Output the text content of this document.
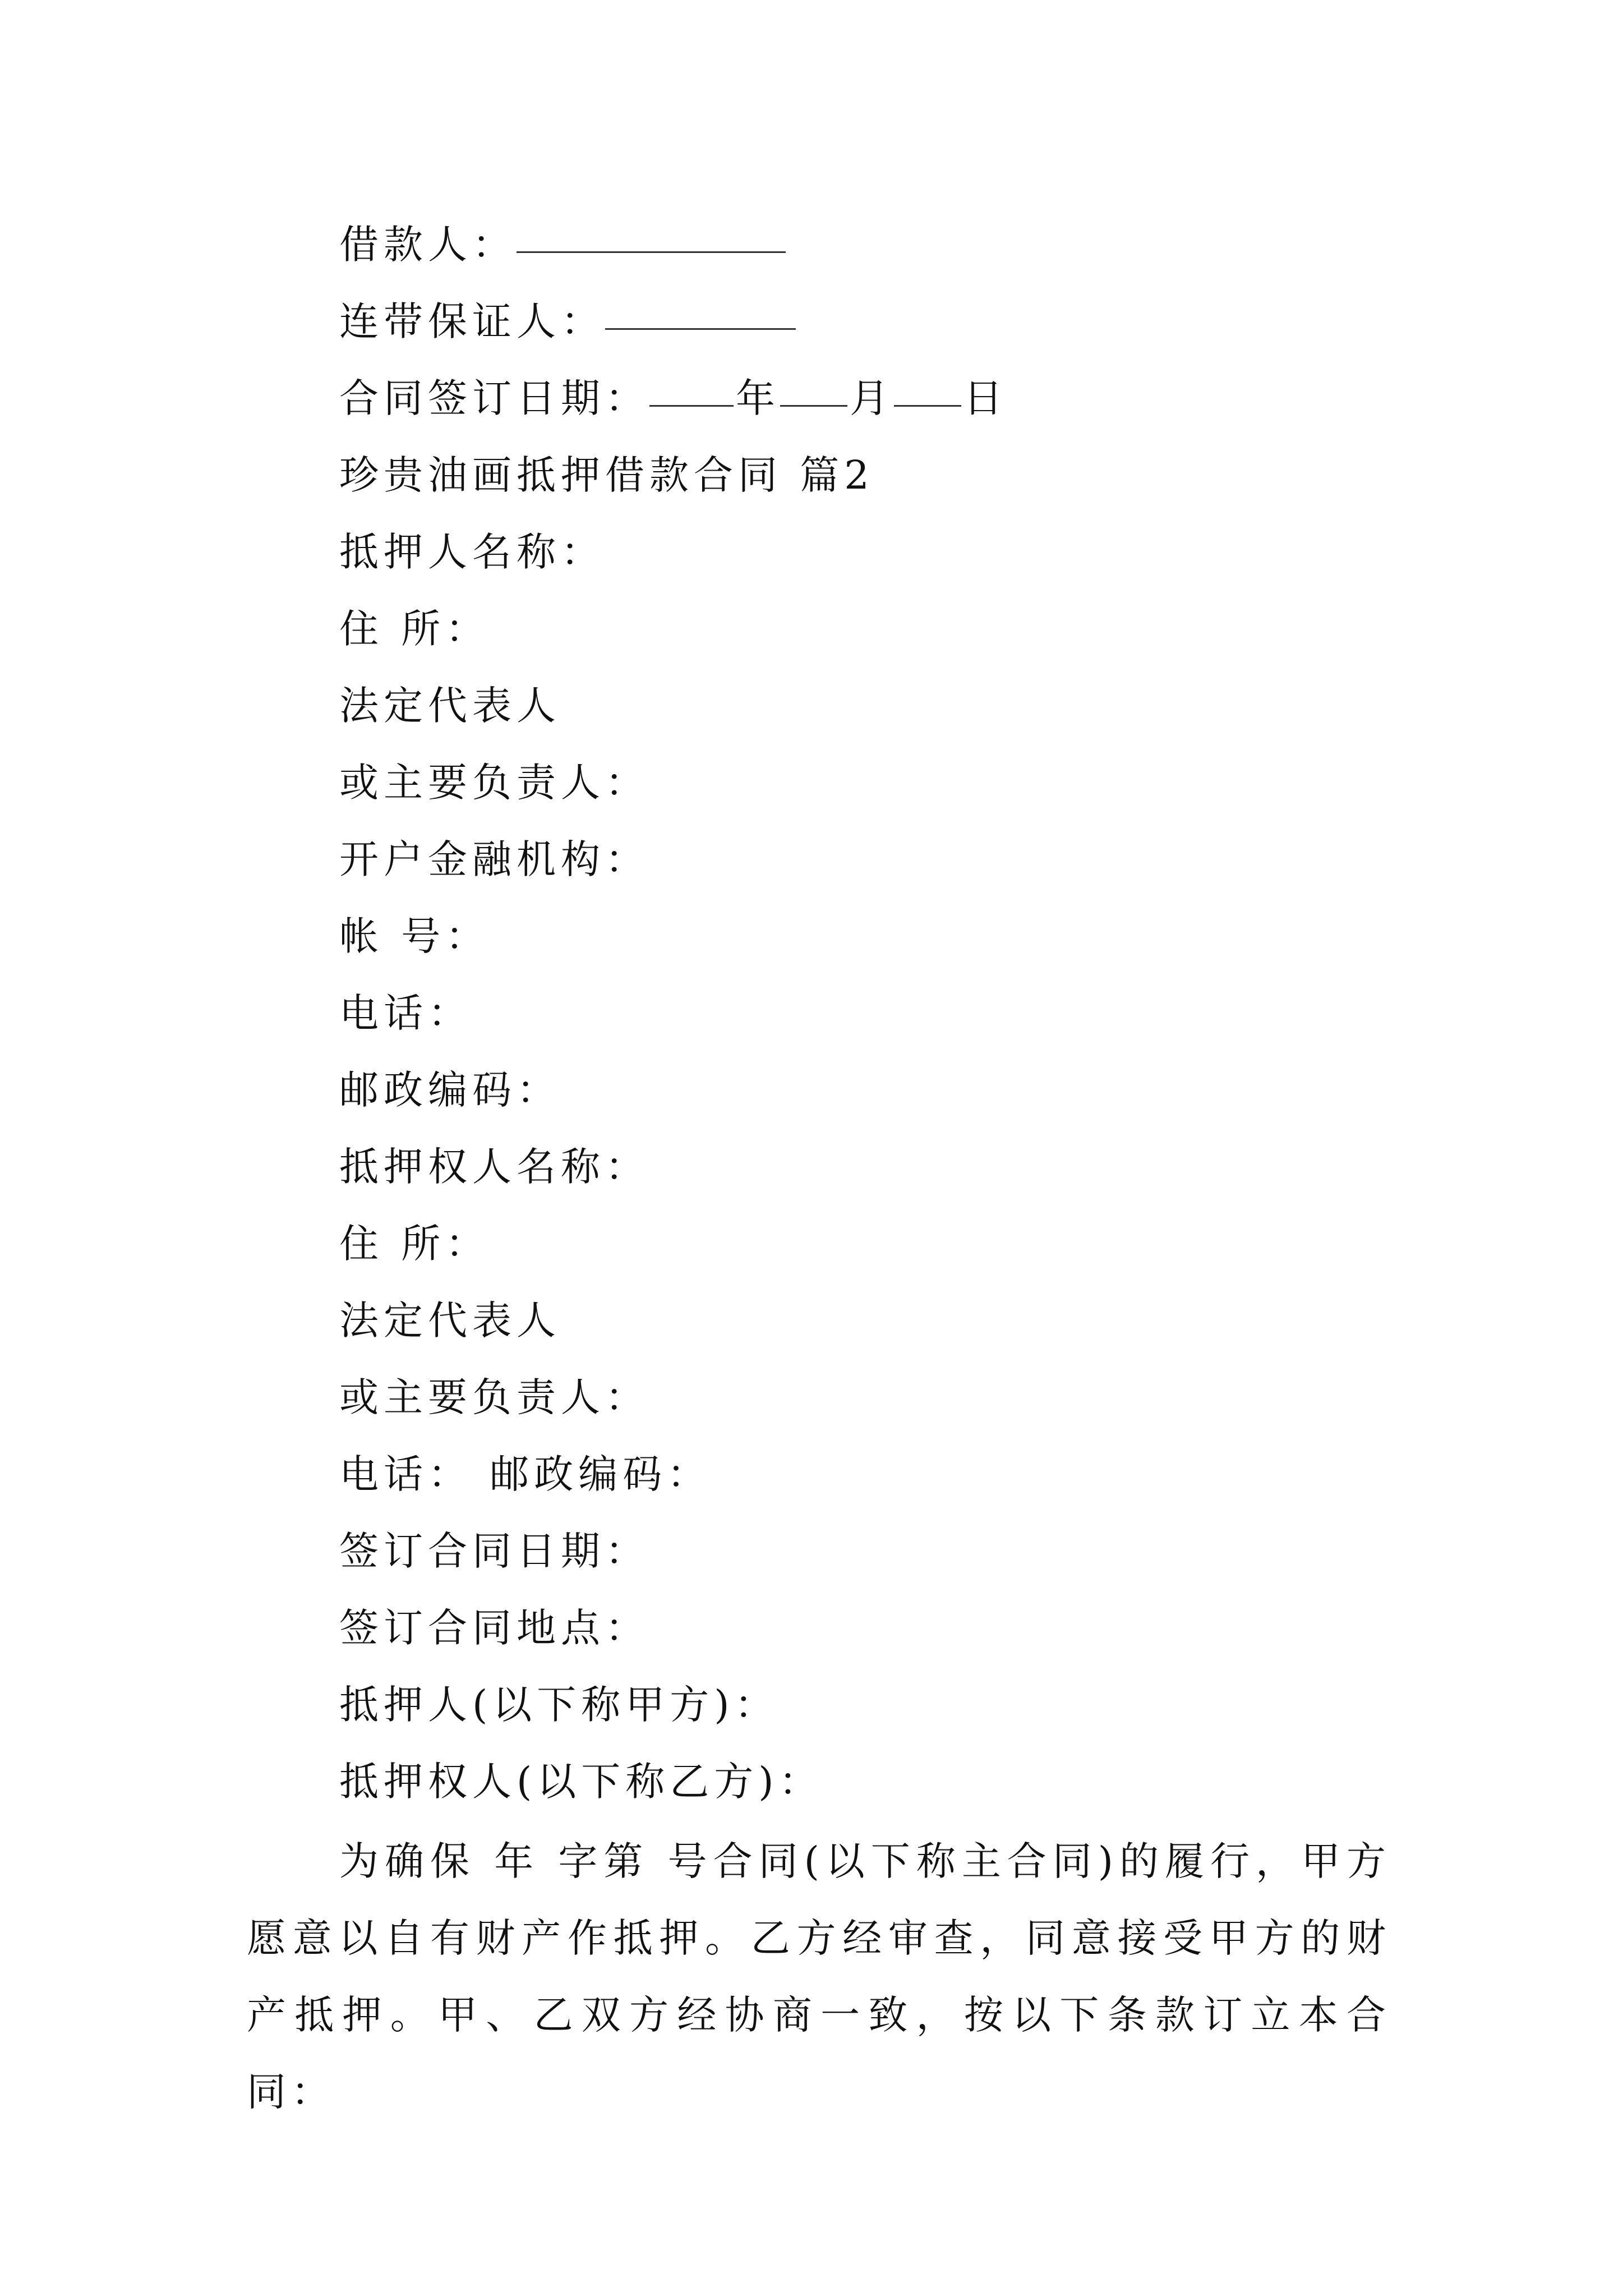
借款人：
连带保证人：
合同签订日期： 年 月 日
珍贵油画抵押借款合同 篇2
抵押人名称：
住 所：
法定代表人
或主要负责人：
开户金融机构：
帐 号：
电话：
邮政编码：
抵押权人名称：
住 所：
法定代表人
或主要负责人：
电话： 邮政编码：
签订合同日期：
签订合同地点：
抵押人(以下称甲方)：
抵押权人(以下称乙方)：
为确保 年 字第 号合同(以下称主合同)的履行，甲方愿意以自有财产作抵押。乙方经审查，同意接受甲方的财产抵押。甲、乙双方经协商一致，按以下条款订立本合同：
